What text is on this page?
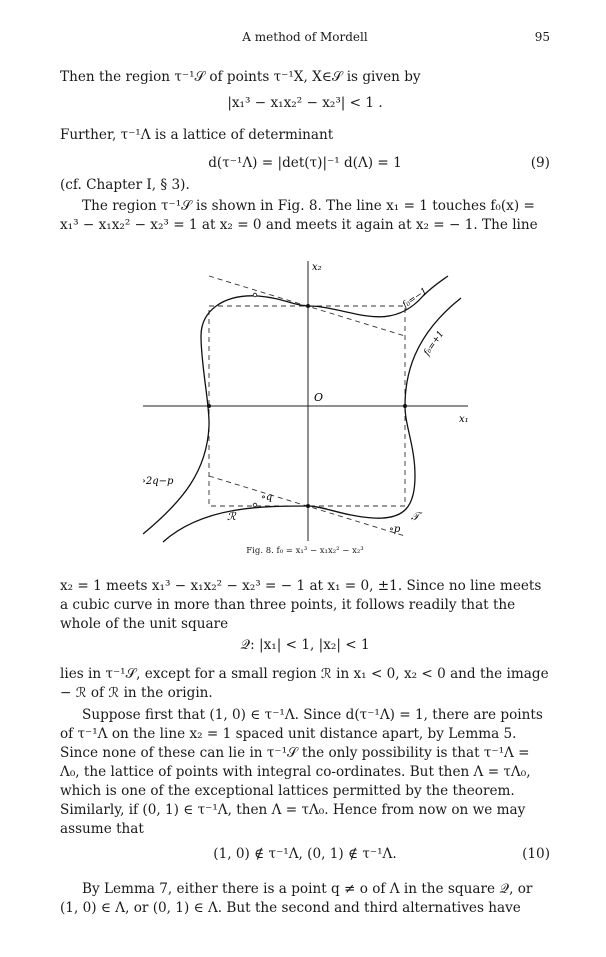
A method of Mordell	95

Then the region τ⁻¹𝒮 of points τ⁻¹X, X∈𝒮 is given by

|x₁³ − x₁x₂² − x₂³| < 1 .

Further, τ⁻¹Λ is a lattice of determinant

d(τ⁻¹Λ) = |det(τ)|⁻¹ d(Λ) = 1	(9)

(cf. Chapter I, § 3).

The region τ⁻¹𝒮 is shown in Fig. 8. The line x₁ = 1 touches f₀(x) = x₁³ − x₁x₂² − x₂³ = 1 at x₂ = 0 and meets it again at x₂ = − 1. The line

x₂
x₁
O
f₀=−1
f₀=+1
∘2q−p
∘q
ℛ	𝒯
∘p
Fig. 8. f₀ = x₁³ − x₁x₂² − x₂³

x₂ = 1 meets x₁³ − x₁x₂² − x₂³ = − 1 at x₁ = 0, ±1. Since no line meets a cubic curve in more than three points, it follows readily that the whole of the unit square

𝒬: |x₁| < 1, |x₂| < 1

lies in τ⁻¹𝒮, except for a small region ℛ in x₁ < 0, x₂ < 0 and the image − ℛ of ℛ in the origin.

Suppose first that (1, 0) ∈ τ⁻¹Λ. Since d(τ⁻¹Λ) = 1, there are points of τ⁻¹Λ on the line x₂ = 1 spaced unit distance apart, by Lemma 5. Since none of these can lie in τ⁻¹𝒮 the only possibility is that τ⁻¹Λ = Λ₀, the lattice of points with integral co-ordinates. But then Λ = τΛ₀, which is one of the exceptional lattices permitted by the theorem. Similarly, if (0, 1) ∈ τ⁻¹Λ, then Λ = τΛ₀. Hence from now on we may assume that

(1, 0) ∉ τ⁻¹Λ, (0, 1) ∉ τ⁻¹Λ.	(10)

By Lemma 7, either there is a point q ≠ o of Λ in the square 𝒬, or (1, 0) ∈ Λ, or (0, 1) ∈ Λ. But the second and third alternatives have
